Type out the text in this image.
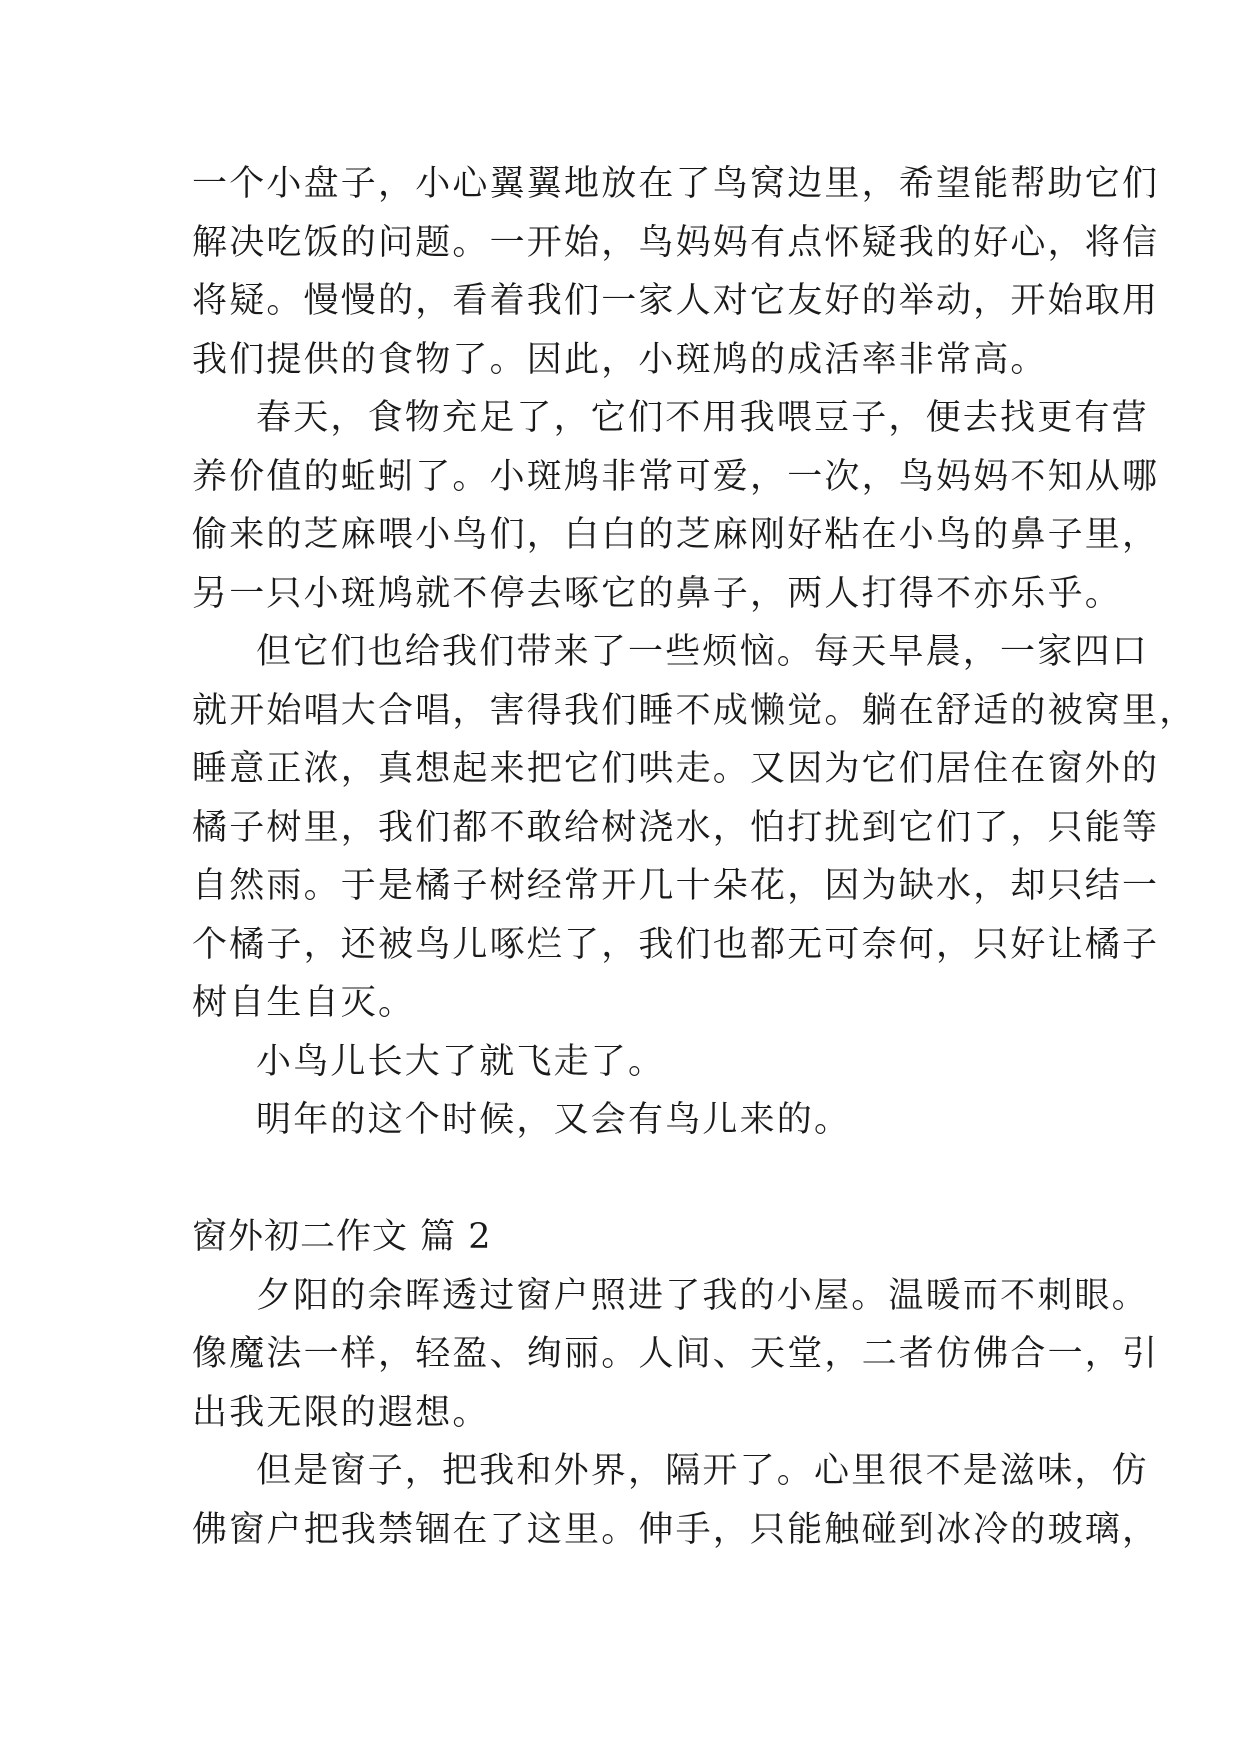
一个小盘子，小心翼翼地放在了鸟窝边里，希望能帮助它们
解决吃饭的问题。一开始，鸟妈妈有点怀疑我的好心，将信
将疑。慢慢的，看着我们一家人对它友好的举动，开始取用
我们提供的食物了。因此，小斑鸠的成活率非常高。
春天，食物充足了，它们不用我喂豆子，便去找更有营
养价值的蚯蚓了。小斑鸠非常可爱，一次，鸟妈妈不知从哪
偷来的芝麻喂小鸟们，白白的芝麻刚好粘在小鸟的鼻子里，
另一只小斑鸠就不停去啄它的鼻子，两人打得不亦乐乎。
但它们也给我们带来了一些烦恼。每天早晨，一家四口
就开始唱大合唱，害得我们睡不成懒觉。躺在舒适的被窝里，
睡意正浓，真想起来把它们哄走。又因为它们居住在窗外的
橘子树里，我们都不敢给树浇水，怕打扰到它们了，只能等
自然雨。于是橘子树经常开几十朵花，因为缺水，却只结一
个橘子，还被鸟儿啄烂了，我们也都无可奈何，只好让橘子
树自生自灭。
小鸟儿长大了就飞走了。
明年的这个时候，又会有鸟儿来的。
窗外初二作文 篇 2
夕阳的余晖透过窗户照进了我的小屋。温暖而不刺眼。
像魔法一样，轻盈、绚丽。人间、天堂，二者仿佛合一，引
出我无限的遐想。
但是窗子，把我和外界，隔开了。心里很不是滋味，仿
佛窗户把我禁锢在了这里。伸手，只能触碰到冰冷的玻璃，
